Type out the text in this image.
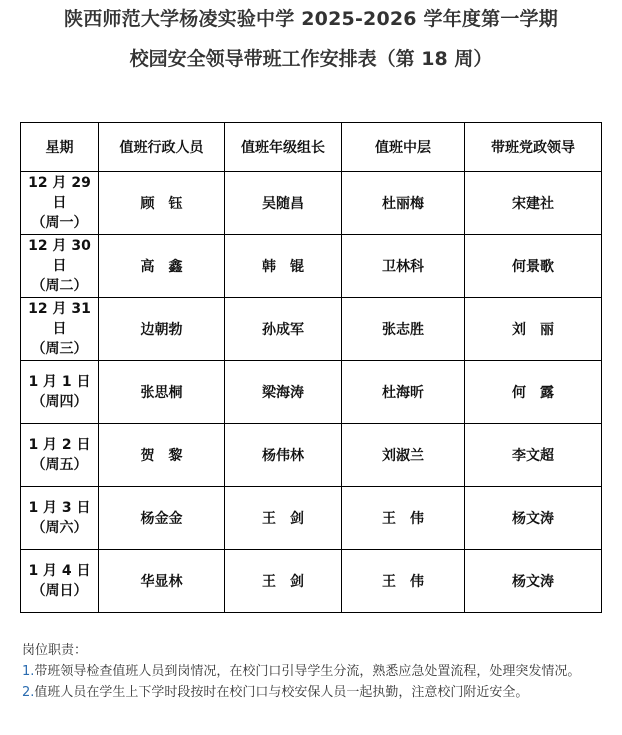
陕西师范大学杨凌实验中学 2025-2026 学年度第一学期
校园安全领导带班工作安排表（第 18 周）
星期	值班行政人员	值班年级组长	值班中层	带班党政领导

12 月 29 日
（周一）	顾　钰	吴随昌	杜丽梅	宋建社

12 月 30 日
（周二）	高　鑫	韩　锟	卫林科	何景歌

12 月 31 日
（周三）	边朝勃	孙成军	张志胜	刘　丽

1 月 1 日
（周四）	张思桐	梁海涛	杜海昕	何　露

1 月 2 日
（周五）	贺　黎	杨伟林	刘淑兰	李文超

1 月 3 日
（周六）	杨金金	王　剑	王　伟	杨文涛

1 月 4 日
（周日）	华显林	王　剑	王　伟	杨文涛
岗位职责：
1.带班领导检查值班人员到岗情况，在校门口引导学生分流，熟悉应急处置流程，处理突发情况。
2.值班人员在学生上下学时段按时在校门口与校安保人员一起执勤，注意校门附近安全。
